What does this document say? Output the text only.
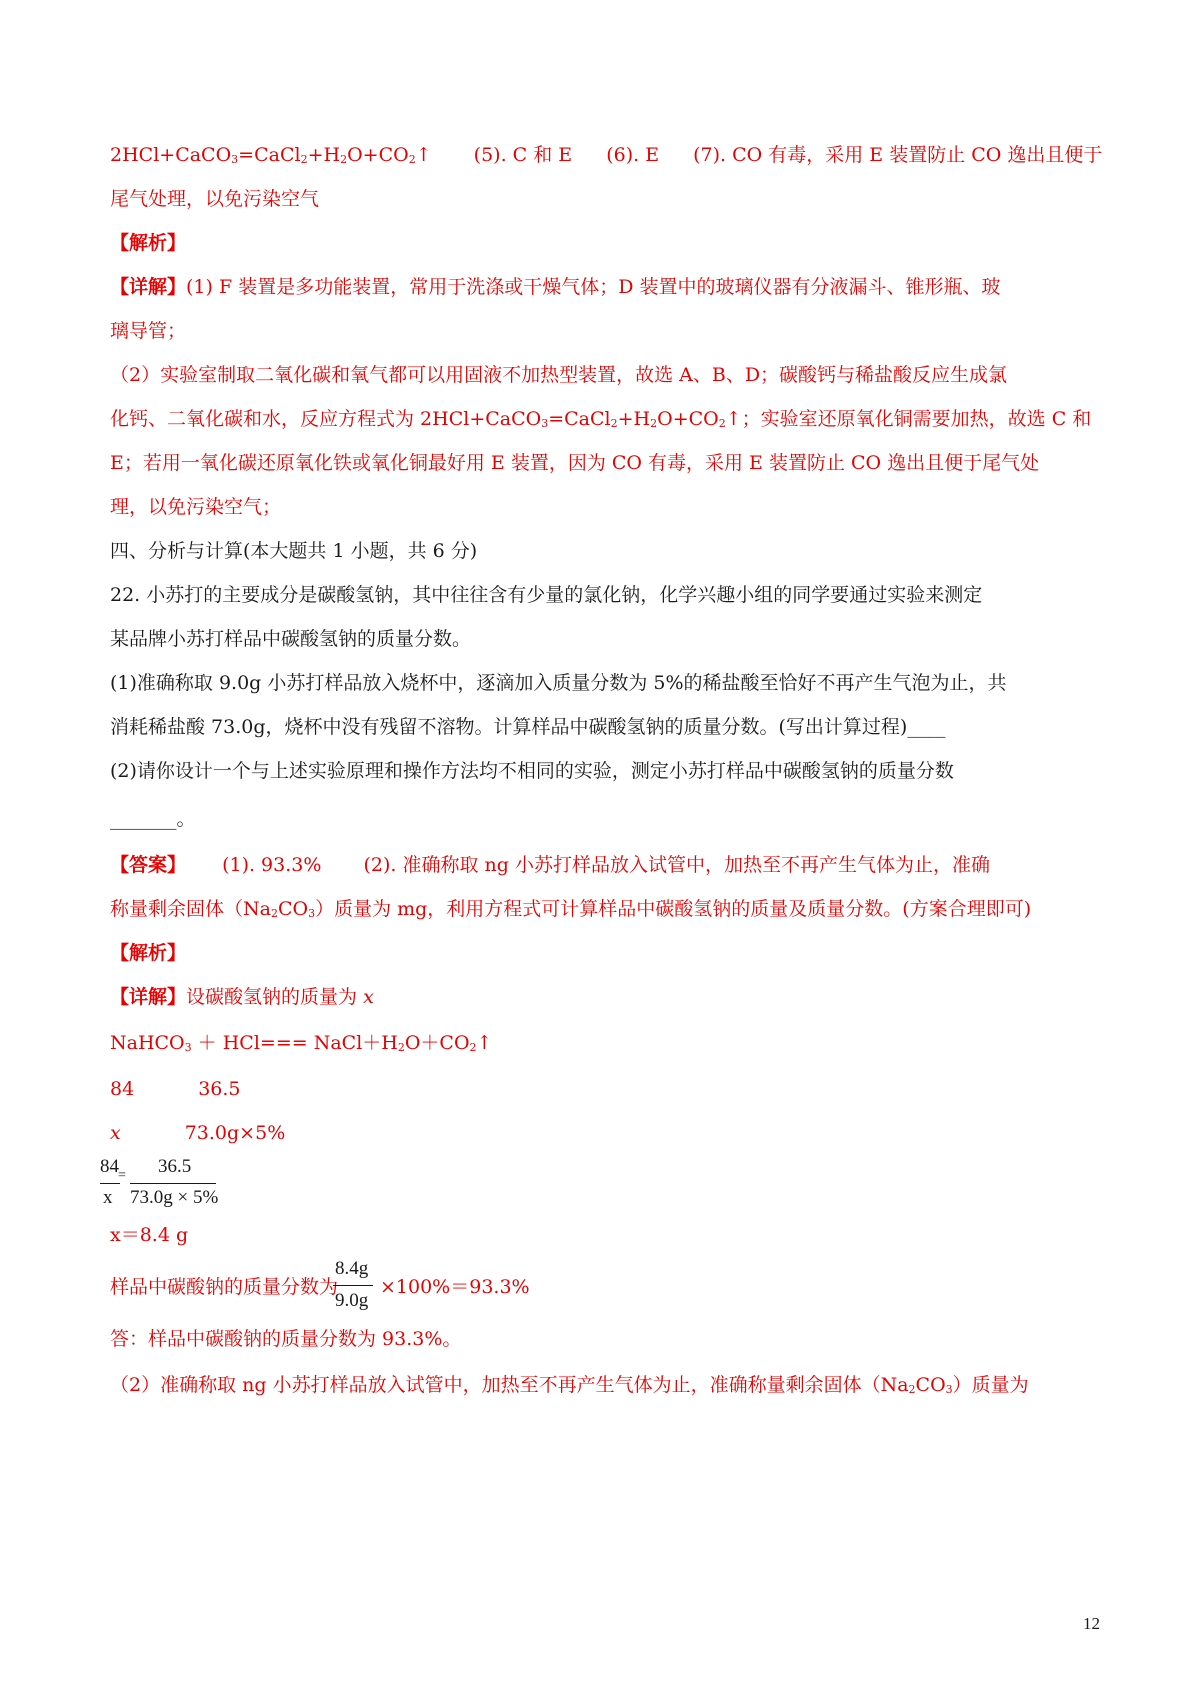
$2HCl+CaCO_3=CaCl_2+H_2O+CO_2↑$ (5). C 和 E (6). E (7). CO 有毒，采用 E 装置防止 CO 逸出且便于
尾气处理，以免污染空气
【解析】
【详解】(1) F 装置是多功能装置，常用于洗涤或干燥气体；D 装置中的玻璃仪器有分液漏斗、锥形瓶、玻
璃导管；
（2）实验室制取二氧化碳和氧气都可以用固液不加热型装置，故选 A、B、D；碳酸钙与稀盐酸反应生成氯
化钙、二氧化碳和水，反应方程式为 $2HCl+CaCO_3=CaCl_2+H_2O+CO_2↑$；实验室还原氧化铜需要加热，故选 C 和
E；若用一氧化碳还原氧化铁或氧化铜最好用 E 装置，因为 CO 有毒，采用 E 装置防止 CO 逸出且便于尾气处
理，以免污染空气；
四、分析与计算(本大题共 1 小题，共 6 分)
22. 小苏打的主要成分是碳酸氢钠，其中往往含有少量的氯化钠，化学兴趣小组的同学要通过实验来测定
某品牌小苏打样品中碳酸氢钠的质量分数。
(1)准确称取 9.0g 小苏打样品放入烧杯中，逐滴加入质量分数为 5%的稀盐酸至恰好不再产生气泡为止，共
消耗稀盐酸 73.0g，烧杯中没有残留不溶物。计算样品中碳酸氢钠的质量分数。(写出计算过程)____
(2)请你设计一个与上述实验原理和操作方法均不相同的实验，测定小苏打样品中碳酸氢钠的质量分数
_______。
【答案】 (1). 93.3% (2). 准确称取 ng 小苏打样品放入试管中，加热至不再产生气体为止，准确
称量剩余固体$(Na_2CO_3)$质量为 mg，利用方程式可计算样品中碳酸氢钠的质量及质量分数。(方案合理即可)
【解析】
【详解】设碳酸氢钠的质量为 x
NaHCO$_3$ ＋ $HCl=== NaCl+H_2O+CO_2↑$
84	36.5
x	73.0g×5%
84 36.5
=
x 73.0g × 5%
x＝8.4 g
样品中碳酸钠的质量分数为
8.4g
9.0g
×100%＝93.3%
答：样品中碳酸钠的质量分数为 93.3%。
（2）准确称取 ng 小苏打样品放入试管中，加热至不再产生气体为止，准确称量剩余固体$(Na_2CO_3)$质量为
12
